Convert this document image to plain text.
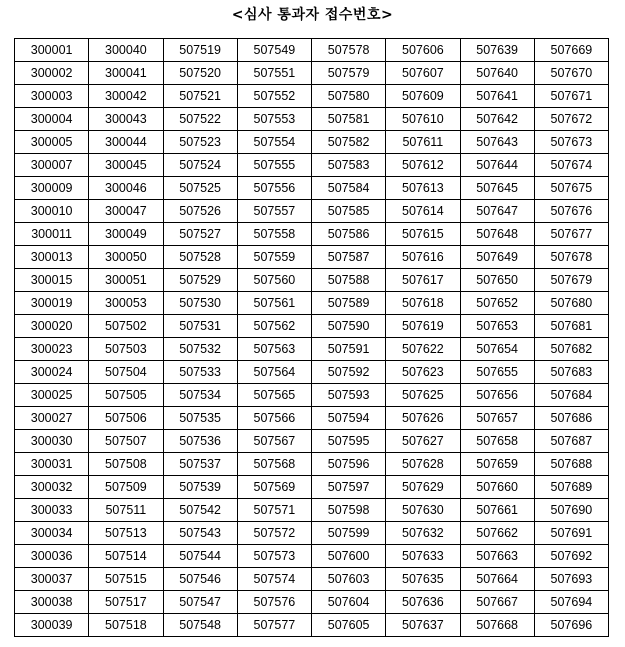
<심사 통과자 접수번호>
300001	300040	507519	507549	507578	507606	507639	507669
300002	300041	507520	507551	507579	507607	507640	507670
300003	300042	507521	507552	507580	507609	507641	507671
300004	300043	507522	507553	507581	507610	507642	507672
300005	300044	507523	507554	507582	507611	507643	507673
300007	300045	507524	507555	507583	507612	507644	507674
300009	300046	507525	507556	507584	507613	507645	507675
300010	300047	507526	507557	507585	507614	507647	507676
300011	300049	507527	507558	507586	507615	507648	507677
300013	300050	507528	507559	507587	507616	507649	507678
300015	300051	507529	507560	507588	507617	507650	507679
300019	300053	507530	507561	507589	507618	507652	507680
300020	507502	507531	507562	507590	507619	507653	507681
300023	507503	507532	507563	507591	507622	507654	507682
300024	507504	507533	507564	507592	507623	507655	507683
300025	507505	507534	507565	507593	507625	507656	507684
300027	507506	507535	507566	507594	507626	507657	507686
300030	507507	507536	507567	507595	507627	507658	507687
300031	507508	507537	507568	507596	507628	507659	507688
300032	507509	507539	507569	507597	507629	507660	507689
300033	507511	507542	507571	507598	507630	507661	507690
300034	507513	507543	507572	507599	507632	507662	507691
300036	507514	507544	507573	507600	507633	507663	507692
300037	507515	507546	507574	507603	507635	507664	507693
300038	507517	507547	507576	507604	507636	507667	507694
300039	507518	507548	507577	507605	507637	507668	507696
